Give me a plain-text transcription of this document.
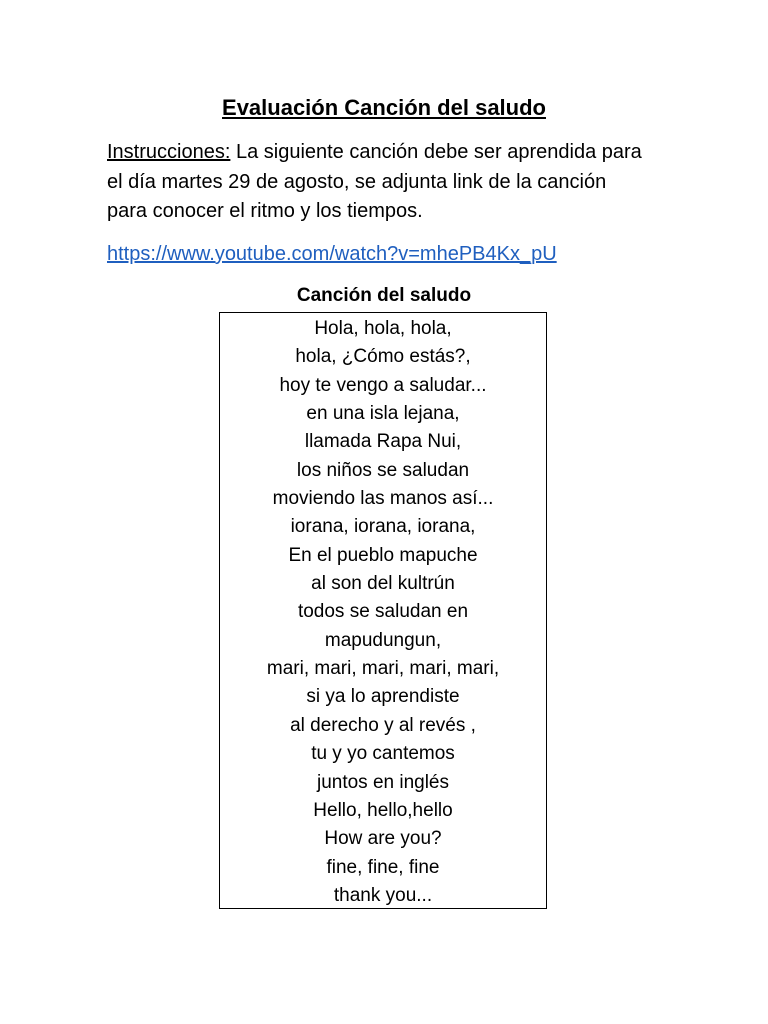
Evaluación Canción del saludo

Instrucciones: La siguiente canción debe ser aprendida para
el día martes 29 de agosto, se adjunta link de la canción
para conocer el ritmo y los tiempos.

https://www.youtube.com/watch?v=mhePB4Kx_pU
Canción del saludo
Hola, hola, hola,
hola, ¿Cómo estás?,
hoy te vengo a saludar...
en una isla lejana,
llamada Rapa Nui,
los niños se saludan
moviendo las manos así...
iorana, iorana, iorana,
En el pueblo mapuche
al son del kultrún
todos se saludan en
mapudungun,
mari, mari, mari, mari, mari,
si ya lo aprendiste
al derecho y al revés ,
tu y yo cantemos
juntos en inglés
Hello, hello,hello
How are you?
fine, fine, fine
thank you...
